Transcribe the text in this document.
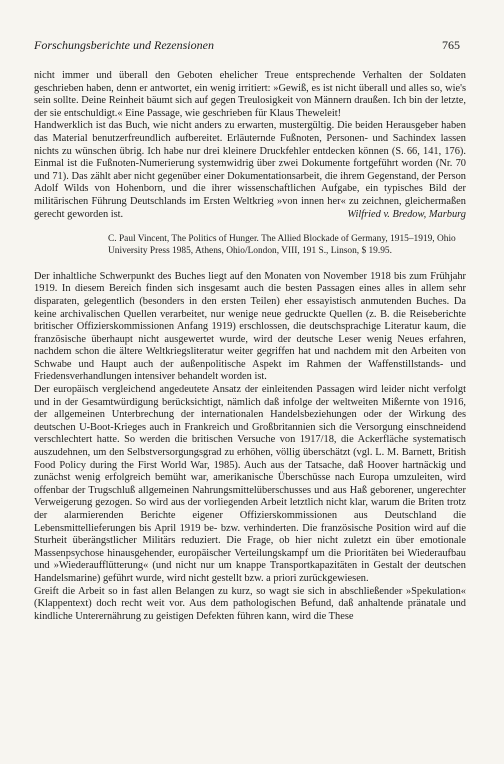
Forschungsberichte und Rezensionen	765

nicht immer und überall den Geboten ehelicher Treue entsprechende Verhalten der Soldaten geschrieben haben, denn er antwortet, ein wenig irritiert: »Gewiß, es ist nicht überall und alles so, wie's sein sollte. Deine Reinheit bäumt sich auf gegen Treulosigkeit von Männern draußen. Ich bin der letzte, der sie entschuldigt.« Eine Passage, wie geschrieben für Klaus Theweleit!

Handwerklich ist das Buch, wie nicht anders zu erwarten, mustergültig. Die beiden Herausgeber haben das Material benutzerfreundlich aufbereitet. Erläuternde Fußnoten, Personen- und Sachindex lassen nichts zu wünschen übrig. Ich habe nur drei kleinere Druckfehler entdecken können (S. 66, 141, 176). Einmal ist die Fußnoten-Numerierung systemwidrig über zwei Dokumente fortgeführt worden (Nr. 70 und 71). Das zählt aber nicht gegenüber einer Dokumentationsarbeit, die ihrem Gegenstand, der Person Adolf Wilds von Hohenborn, und die ihrer wissenschaftlichen Aufgabe, ein typisches Bild der militärischen Führung Deutschlands im Ersten Weltkrieg »von innen her« zu zeichnen, gleichermaßen gerecht geworden ist.	Wilfried v. Bredow, Marburg

C. Paul Vincent, The Politics of Hunger. The Allied Blockade of Germany, 1915–1919, Ohio University Press 1985, Athens, Ohio/London, VIII, 191 S., Linson, $ 19.95.

Der inhaltliche Schwerpunkt des Buches liegt auf den Monaten von November 1918 bis zum Frühjahr 1919. In diesem Bereich finden sich insgesamt auch die besten Passagen eines alles in allem sehr disparaten, gelegentlich (besonders in den ersten Teilen) eher essayistisch anmutenden Buches. Da keine archivalischen Quellen verarbeitet, nur wenige neue gedruckte Quellen (z. B. die Reiseberichte britischer Offizierskommissionen Anfang 1919) erschlossen, die deutschsprachige Literatur kaum, die französische überhaupt nicht ausgewertet wurde, wird der deutsche Leser wenig Neues erfahren, nachdem schon die ältere Weltkriegsliteratur weiter gegriffen hat und nachdem mit den Arbeiten von Schwabe und Haupt auch der außenpolitische Aspekt im Rahmen der Waffenstillstands- und Friedensverhandlungen intensiver behandelt worden ist.

Der europäisch vergleichend angedeutete Ansatz der einleitenden Passagen wird leider nicht verfolgt und in der Gesamtwürdigung berücksichtigt, nämlich daß infolge der weltweiten Mißernte von 1916, der allgemeinen Unterbrechung der internationalen Handelsbeziehungen oder der Wirkung des deutschen U-Boot-Krieges auch in Frankreich und Großbritannien sich die Versorgung einschneidend verschlechtert hatte. So werden die britischen Versuche von 1917/18, die Ackerfläche systematisch auszudehnen, um den Selbstversorgungsgrad zu erhöhen, völlig überschätzt (vgl. L. M. Barnett, British Food Policy during the First World War, 1985). Auch aus der Tatsache, daß Hoover hartnäckig und zunächst wenig erfolgreich bemüht war, amerikanische Überschüsse nach Europa umzuleiten, wird offenbar der Trugschluß allgemeinen Nahrungsmittelüberschusses und aus Haß geborener, ungerechter Verweigerung gezogen. So wird aus der vorliegenden Arbeit letztlich nicht klar, warum die Briten trotz der alarmierenden Berichte eigener Offizierskommissionen aus Deutschland die Lebensmittellieferungen bis April 1919 be- bzw. verhinderten. Die französische Position wird auf die Sturheit überängstlicher Militärs reduziert. Die Frage, ob hier nicht zuletzt ein über emotionale Massenpsychose hinausgehender, europäischer Verteilungskampf um die Prioritäten bei Wiederaufbau und »Wiederaufflütterung« (und nicht nur um knappe Transportkapazitäten in Gestalt der deutschen Handelsmarine) geführt wurde, wird nicht gestellt bzw. a priori zurückgewiesen.

Greift die Arbeit so in fast allen Belangen zu kurz, so wagt sie sich in abschließender »Spekulation« (Klappentext) doch recht weit vor. Aus dem pathologischen Befund, daß anhaltende pränatale und kindliche Unterernährung zu geistigen Defekten führen kann, wird die These
